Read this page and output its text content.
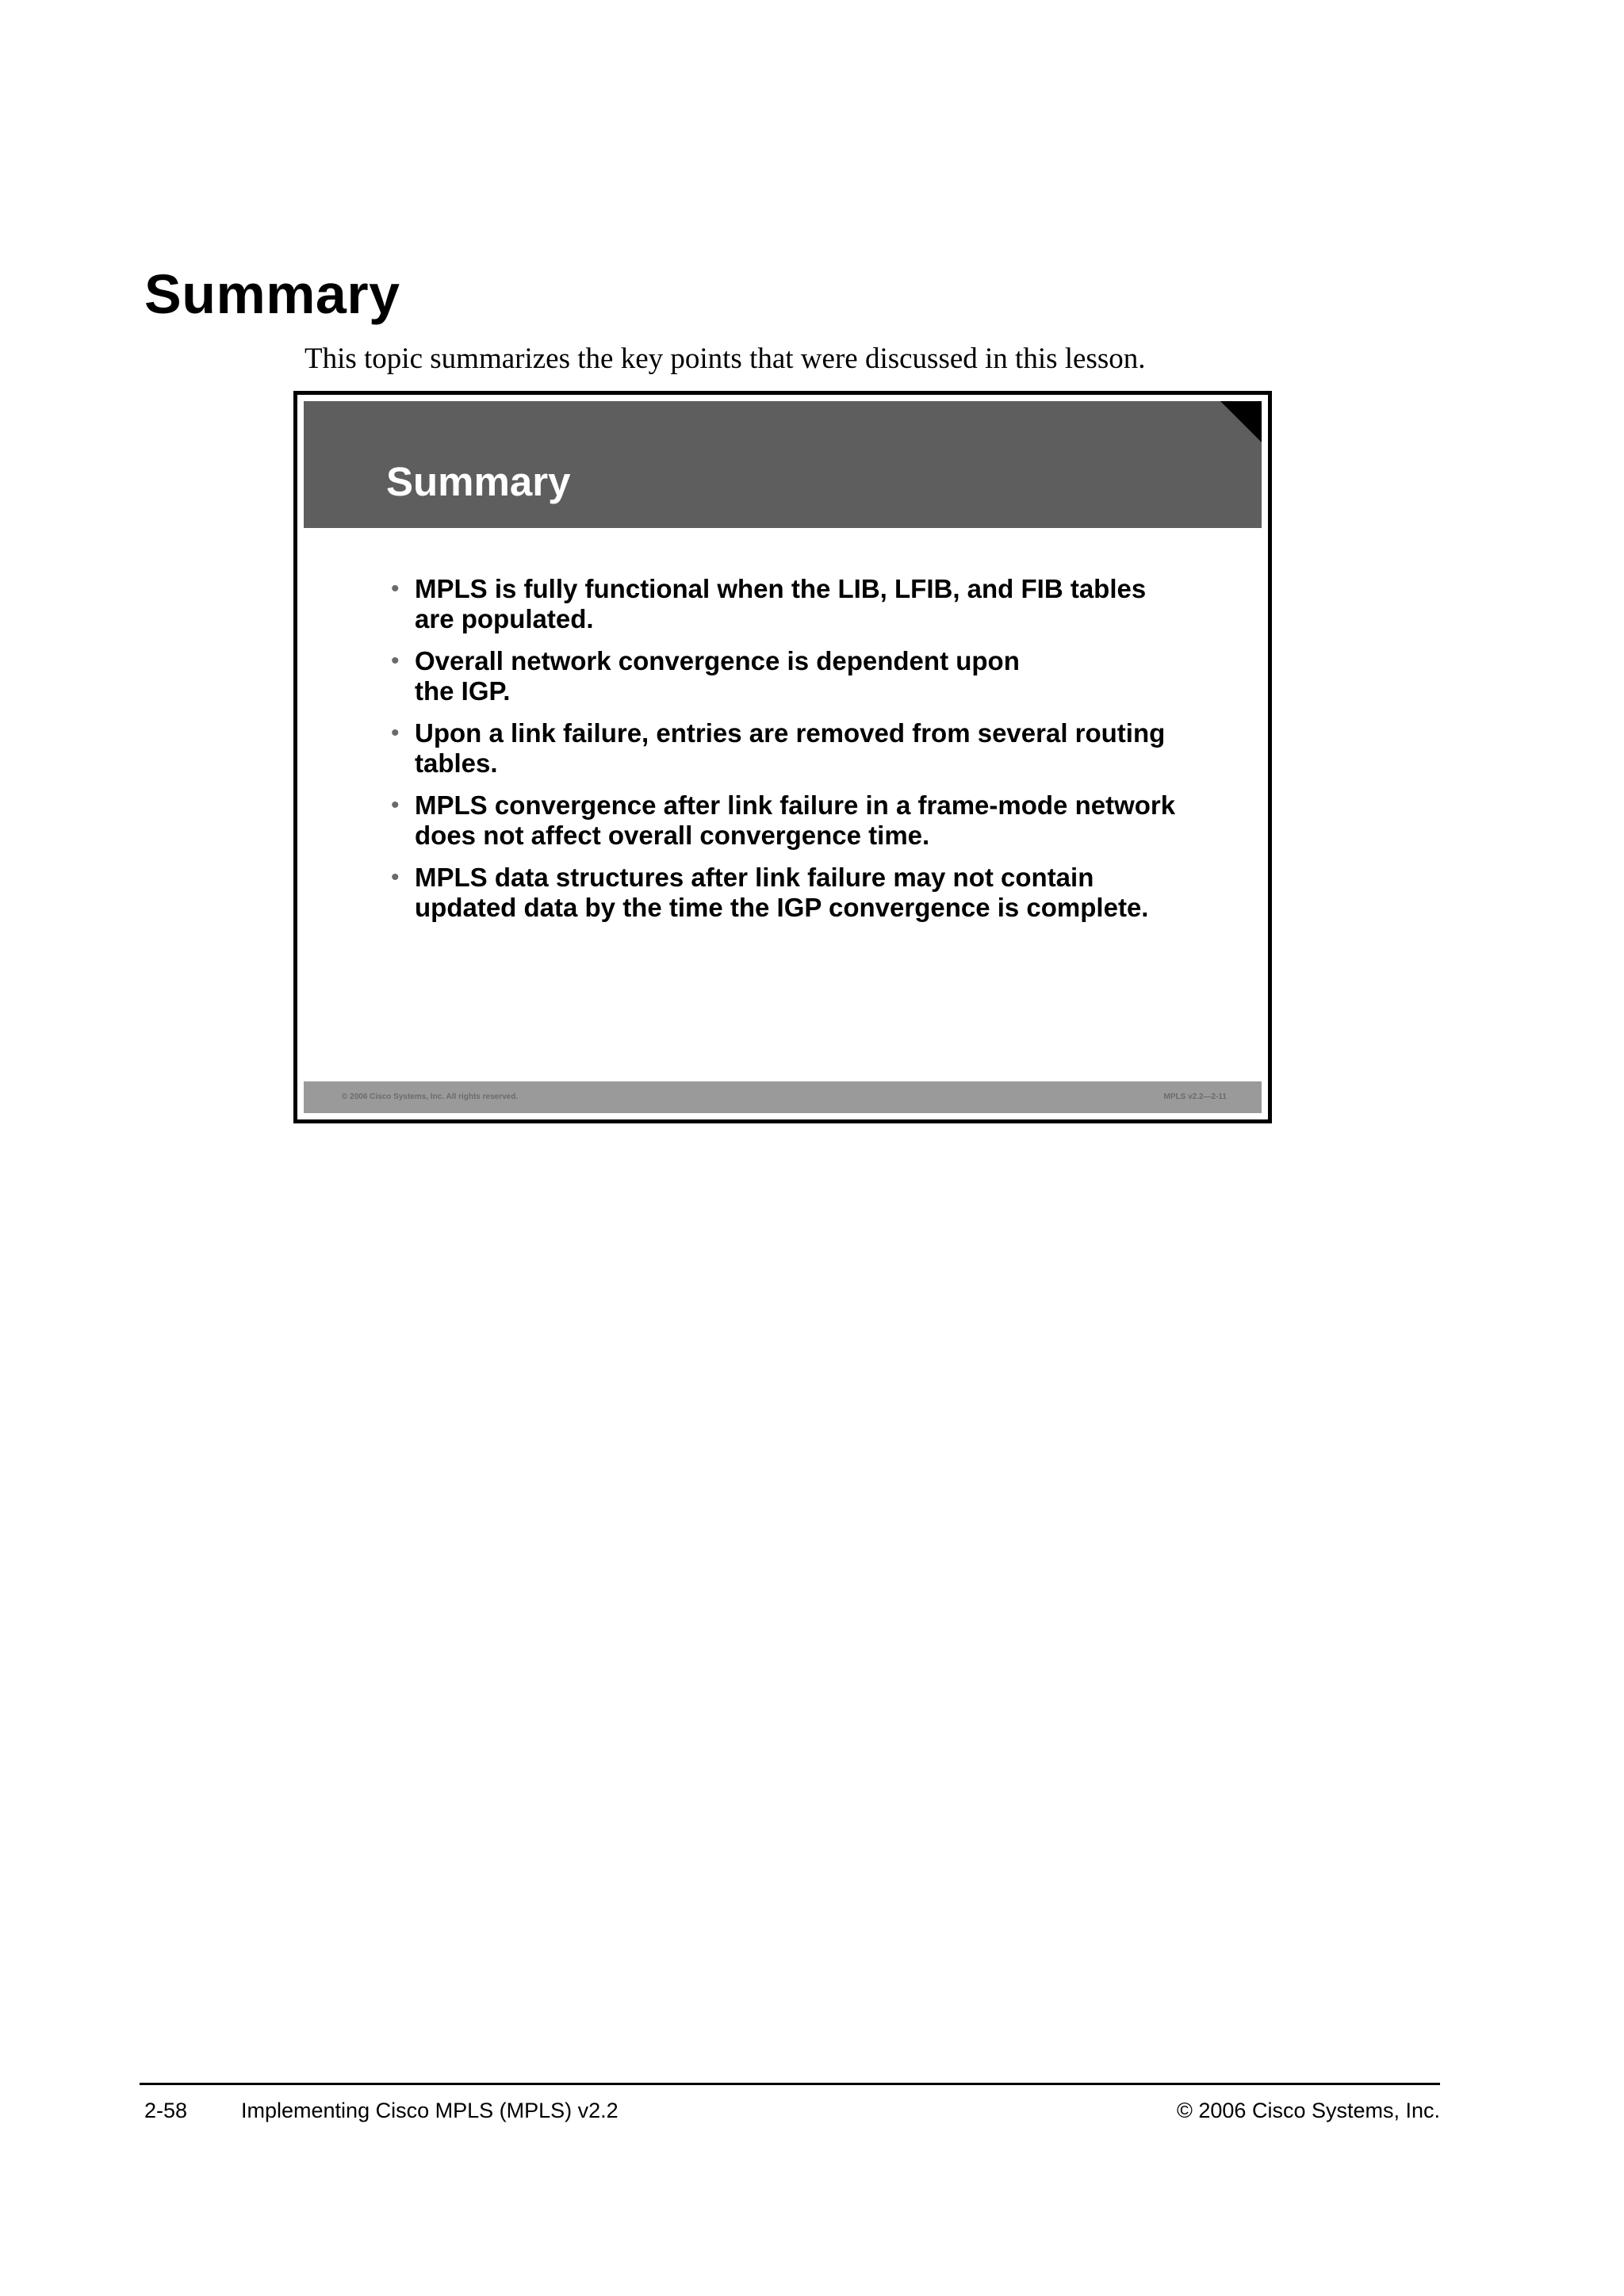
Summary

This topic summarizes the key points that were discussed in this lesson.

Summary
• MPLS is fully functional when the LIB, LFIB, and FIB tables
are populated.
• Overall network convergence is dependent upon
the IGP.
• Upon a link failure, entries are removed from several routing
tables.
• MPLS convergence after link failure in a frame-mode network
does not affect overall convergence time.
• MPLS data structures after link failure may not contain
updated data by the time the IGP convergence is complete.
© 2006 Cisco Systems, Inc. All rights reserved.	MPLS v2.2—2-11
2-58	Implementing Cisco MPLS (MPLS) v2.2	© 2006 Cisco Systems, Inc.
